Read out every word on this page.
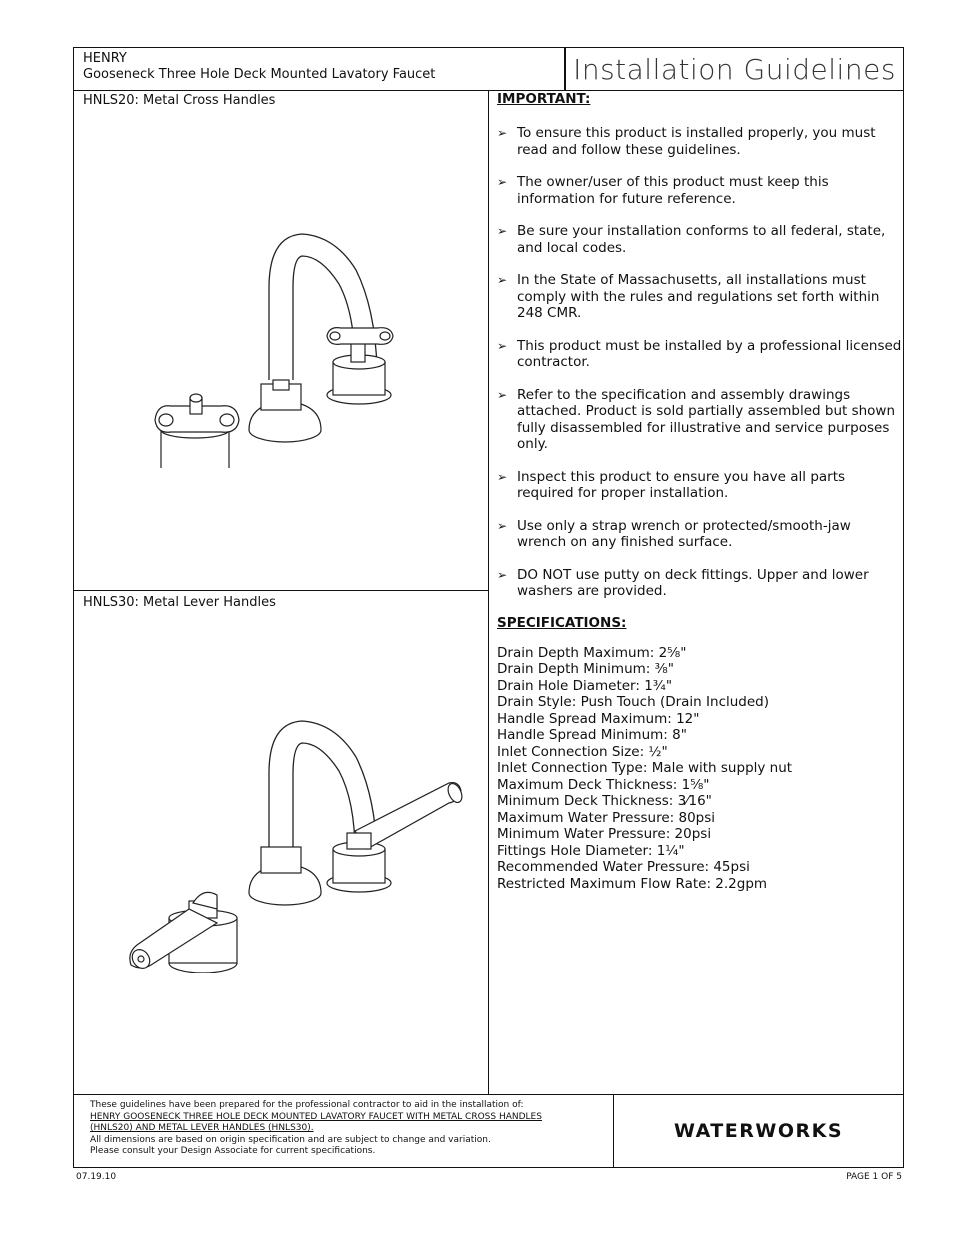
HENRY
Gooseneck Three Hole Deck Mounted Lavatory Faucet	Installation Guidelines
HNLS20: Metal Cross Handles
HNLS30: Metal Lever Handles
IMPORTANT:
➢ To ensure this product is installed properly, you must read and follow these guidelines.
➢ The owner/user of this product must keep this information for future reference.
➢ Be sure your installation conforms to all federal, state, and local codes.
➢ In the State of Massachusetts, all installations must comply with the rules and regulations set forth within 248 CMR.
➢ This product must be installed by a professional licensed contractor.
➢ Refer to the specification and assembly drawings attached. Product is sold partially assembled but shown fully disassembled for illustrative and service purposes only.
➢ Inspect this product to ensure you have all parts required for proper installation.
➢ Use only a strap wrench or protected/smooth-jaw wrench on any finished surface.
➢ DO NOT use putty on deck fittings. Upper and lower washers are provided.
SPECIFICATIONS:
Drain Depth Maximum: 2⅝"
Drain Depth Minimum: ⅜"
Drain Hole Diameter: 1¾"
Drain Style: Push Touch (Drain Included)
Handle Spread Maximum: 12"
Handle Spread Minimum: 8"
Inlet Connection Size: ½"
Inlet Connection Type: Male with supply nut
Maximum Deck Thickness: 1⅝"
Minimum Deck Thickness: 3⁄16"
Maximum Water Pressure: 80psi
Minimum Water Pressure: 20psi
Fittings Hole Diameter: 1¼"
Recommended Water Pressure: 45psi
Restricted Maximum Flow Rate: 2.2gpm
These guidelines have been prepared for the professional contractor to aid in the installation of:
HENRY GOOSENECK THREE HOLE DECK MOUNTED LAVATORY FAUCET WITH METAL CROSS HANDLES
(HNLS20) AND METAL LEVER HANDLES (HNLS30).
All dimensions are based on origin specification and are subject to change and variation.
Please consult your Design Associate for current specifications.
WATERWORKS
07.19.10	PAGE 1 OF 5
